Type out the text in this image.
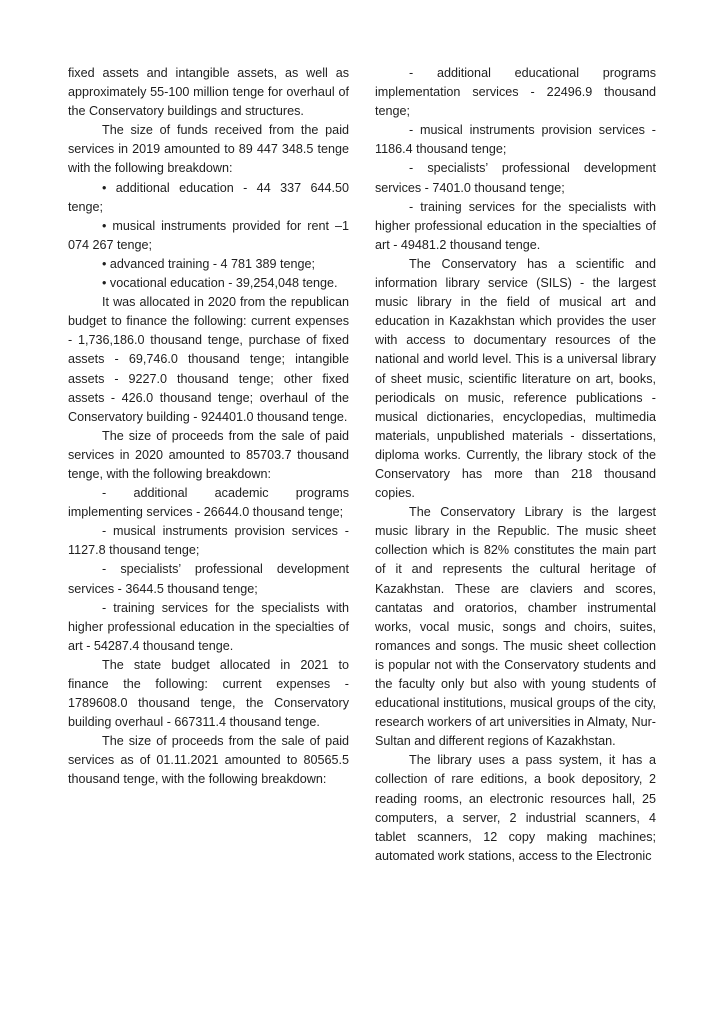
fixed assets and intangible assets, as well as approximately 55-100 million tenge for overhaul of the Conservatory buildings and structures.

The size of funds received from the paid services in 2019 amounted to 89 447 348.5 tenge with the following breakdown:

• additional education - 44 337 644.50 tenge;

• musical instruments provided for rent –1 074 267 tenge;

• advanced training - 4 781 389 tenge;

• vocational education - 39,254,048 tenge.

It was allocated in 2020 from the republican budget to finance the following: current expenses - 1,736,186.0 thousand tenge, purchase of fixed assets - 69,746.0 thousand tenge; intangible assets - 9227.0 thousand tenge; other fixed assets - 426.0 thousand tenge; overhaul of the Conservatory building - 924401.0 thousand tenge.

The size of proceeds from the sale of paid services in 2020 amounted to 85703.7 thousand tenge, with the following breakdown:

- additional academic programs implementing services - 26644.0 thousand tenge;

- musical instruments provision services - 1127.8 thousand tenge;

- specialists’ professional development services - 3644.5 thousand tenge;

- training services for the specialists with higher professional education in the specialties of art - 54287.4 thousand tenge.

The state budget allocated in 2021 to finance the following: current expenses - 1789608.0 thousand tenge, the Conservatory building overhaul - 667311.4 thousand tenge.

The size of proceeds from the sale of paid services as of 01.11.2021 amounted to 80565.5 thousand tenge, with the following breakdown:

- additional educational programs implementation services - 22496.9 thousand tenge;

- musical instruments provision services - 1186.4 thousand tenge;

- specialists’ professional development services - 7401.0 thousand tenge;

- training services for the specialists with higher professional education in the specialties of art - 49481.2 thousand tenge.

The Conservatory has a scientific and information library service (SILS) - the largest music library in the field of musical art and education in Kazakhstan which provides the user with access to documentary resources of the national and world level. This is a universal library of sheet music, scientific literature on art, books, periodicals on music, reference publications - musical dictionaries, encyclopedias, multimedia materials, unpublished materials - dissertations, diploma works. Currently, the library stock of the Conservatory has more than 218 thousand copies.

The Conservatory Library is the largest music library in the Republic. The music sheet collection which is 82% constitutes the main part of it and represents the cultural heritage of Kazakhstan. These are claviers and scores, cantatas and oratorios, chamber instrumental works, vocal music, songs and choirs, suites, romances and songs. The music sheet collection is popular not with the Conservatory students and the faculty only but also with young students of educational institutions, musical groups of the city, research workers of art universities in Almaty, Nur-Sultan and different regions of Kazakhstan.

The library uses a pass system, it has a collection of rare editions, a book depository, 2 reading rooms, an electronic resources hall, 25 computers, a server, 2 industrial scanners, 4 tablet scanners, 12 copy making machines; automated work stations, access to the Electronic
